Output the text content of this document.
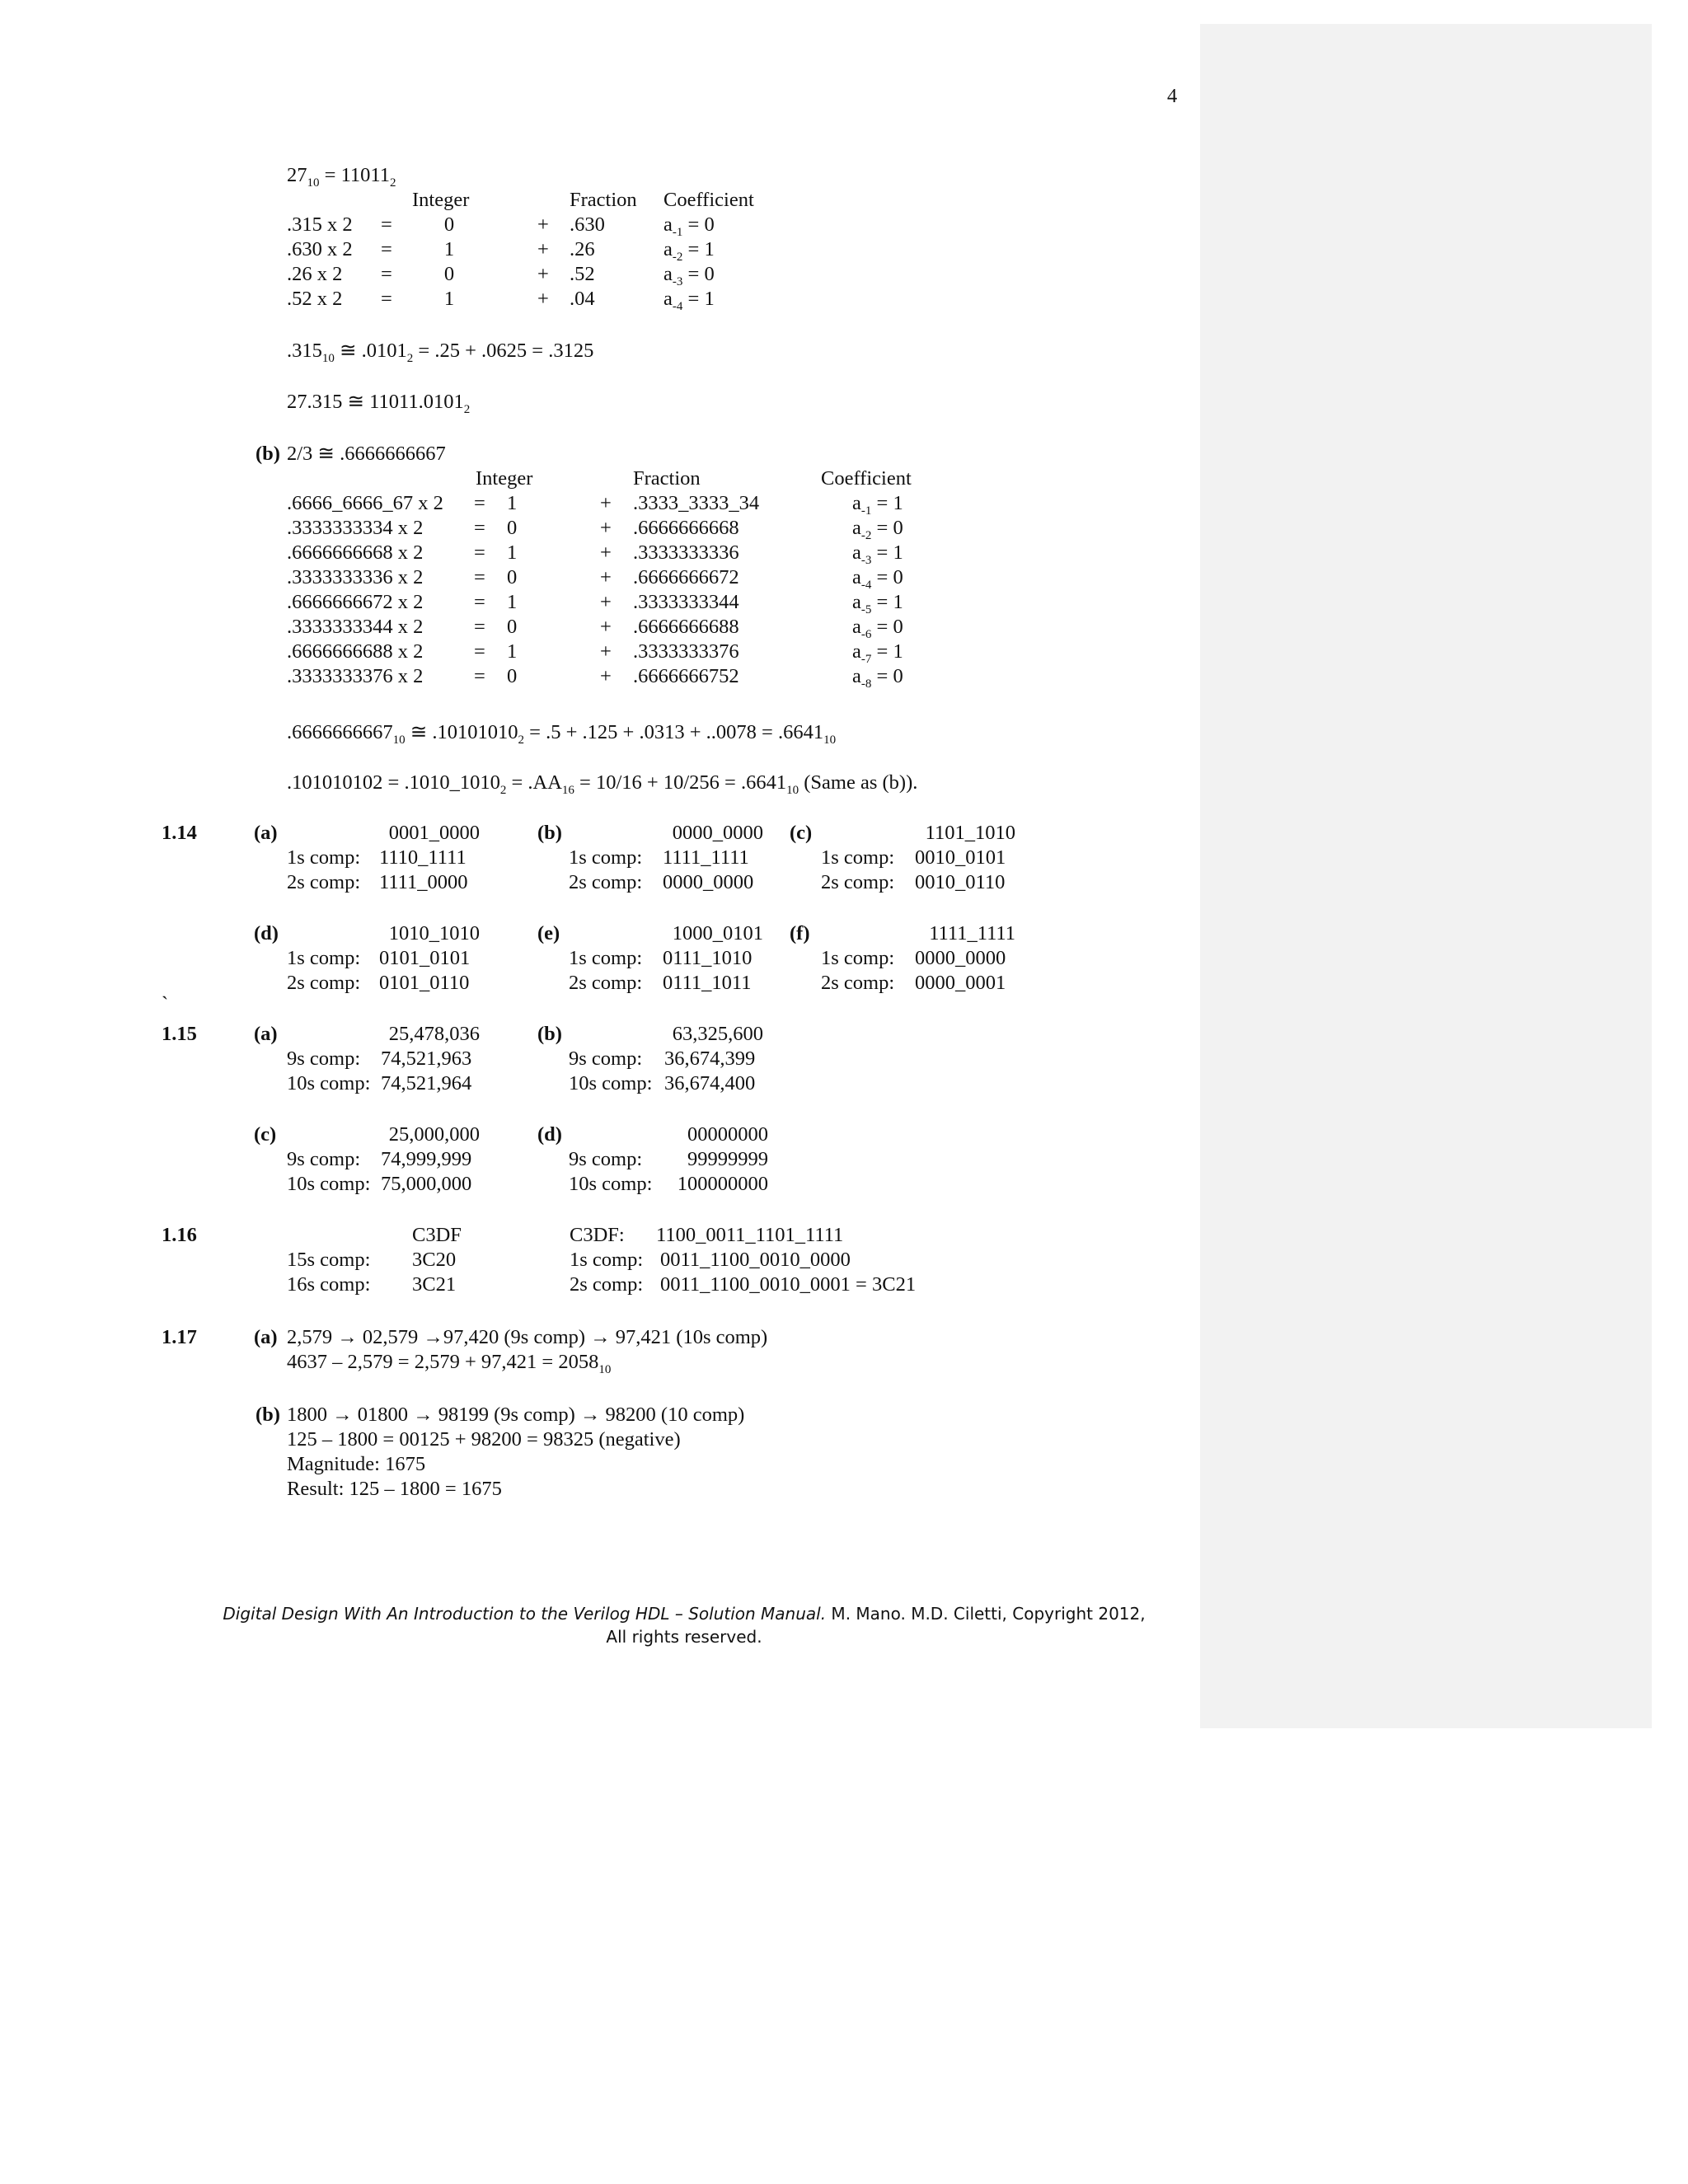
4
$27_{10} = 11011_2$
Integer	Fraction Coefficient
.315 x 2 =	0	+ .630	$a_{-1} = 0$
.630 x 2 =	1	+ .26	$a_{-2} = 1$
.26 x 2 =	0	+ .52	$a_{-3} = 0$
.52 x 2 =	1	+ .04	$a_{-4} = 1$
$.315_{10}$ ≅ $.0101_2 = .25 + .0625 = .3125$
27.315 ≅ $11011.0101_2$
(b) 2/3 ≅ .6666666667
Integer	Fraction	Coefficient
.6666_6666_67 x 2 = 1	+ .3333_3333_34	$a_{-1} = 1$
.3333333334 x 2	= 0	+ .6666666668	$a_{-2} = 0$
.6666666668 x 2	= 1	+ .3333333336	$a_{-3} = 1$
.3333333336 x 2	= 0	+ .6666666672	$a_{-4} = 0$
.6666666672 x 2	= 1	+ .3333333344	$a_{-5} = 1$
.3333333344 x 2	= 0	+ .6666666688	$a_{-6} = 0$
.6666666688 x 2	= 1	+ .3333333376	$a_{-7} = 1$
.3333333376 x 2	= 0	+ .6666666752	$a_{-8} = 0$
$.6666666667_{10}$ ≅ $.10101010_2 = .5 + .125 + .0313 + ..0078 = .6641_{10}$
$.101010102 = .1010\_1010_2 = .AA_{16} = 10/16 + 10/256 = .6641_{10}$ (Same as (b)).
1.14	(a)	0001_0000
1s comp: 1110_1111
2s comp: 1111_0000
(b)	0000_0000
1s comp: 1111_1111
2s comp: 0000_0000
(c)	1101_1010
1s comp: 0010_0101
2s comp: 0010_0110
(d)	1010_1010
1s comp: 0101_0101
2s comp: 0101_0110
(e)	1000_0101
1s comp: 0111_1010
2s comp: 0111_1011
(f)	1111_1111
1s comp: 0000_0000
2s comp: 0000_0001
`
1.15	(a)	25,478,036
9s comp: 74,521,963
10s comp: 74,521,964
(b)	63,325,600
9s comp: 36,674,399
10s comp: 36,674,400
(c)	25,000,000
9s comp: 74,999,999
10s comp: 75,000,000
(d)	00000000
9s comp:	99999999
10s comp:	100000000
1.16	C3DF
15s comp: 3C20
16s comp: 3C21
C3DF: 1100_0011_1101_1111
1s comp: 0011_1100_0010_0000
2s comp: 0011_1100_0010_0001 = 3C21
1.17	(a) 2,579 → 02,579 →97,420 (9s comp) → 97,421 (10s comp)
$4637 - 2,579 = 2,579 + 97,421 = 2058_{10}$
(b) 1800 → 01800 → 98199 (9s comp) → 98200 (10 comp)
125 – 1800 = 00125 + 98200 = 98325 (negative)
Magnitude: 1675
Result: 125 – 1800 = 1675
Digital Design With An Introduction to the Verilog HDL – Solution Manual. M. Mano. M.D. Ciletti, Copyright 2012,
All rights reserved.
